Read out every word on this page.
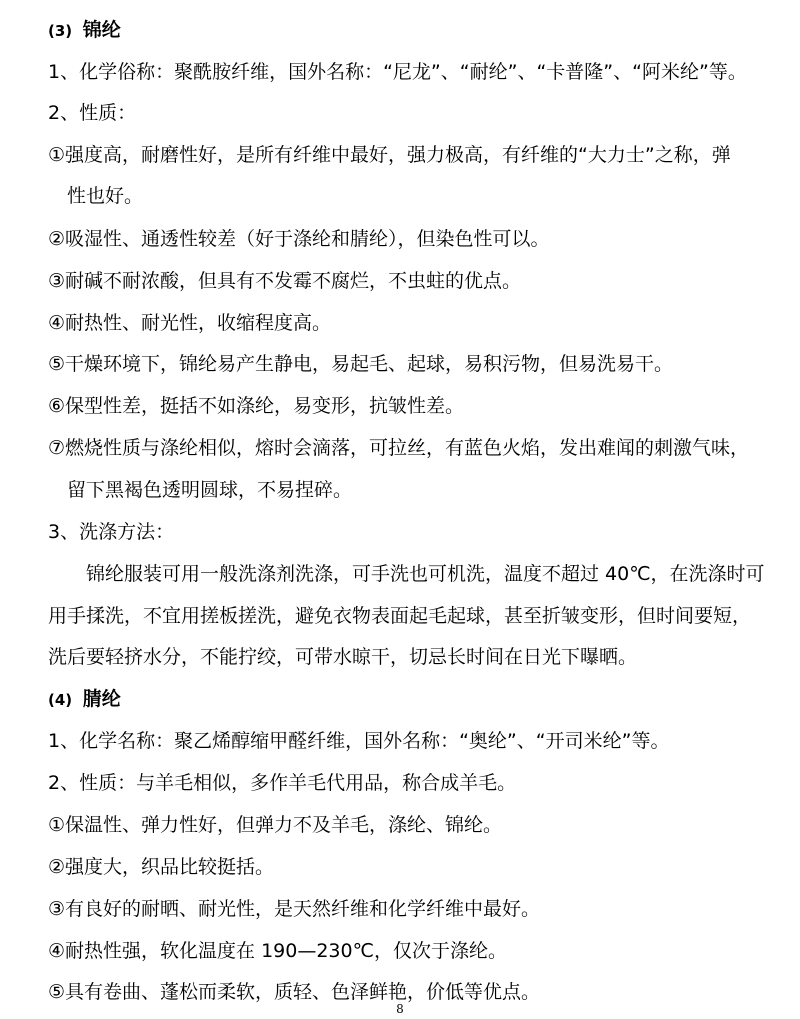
(3) 锦纶
1、化学俗称：聚酰胺纤维，国外名称：“尼龙”、“耐纶”、“卡普隆”、“阿米纶”等。
2、性质：
①强度高，耐磨性好，是所有纤维中最好，强力极高，有纤维的“大力士”之称，弹
性也好。
②吸湿性、通透性较差（好于涤纶和腈纶），但染色性可以。
③耐碱不耐浓酸，但具有不发霉不腐烂，不虫蛀的优点。
④耐热性、耐光性，收缩程度高。
⑤干燥环境下，锦纶易产生静电，易起毛、起球，易积污物，但易洗易干。
⑥保型性差，挺括不如涤纶，易变形，抗皱性差。
⑦燃烧性质与涤纶相似，熔时会滴落，可拉丝，有蓝色火焰，发出难闻的刺激气味，
留下黑褐色透明圆球，不易捏碎。
3、洗涤方法：
锦纶服装可用一般洗涤剂洗涤，可手洗也可机洗，温度不超过 40℃，在洗涤时可
用手揉洗，不宜用搓板搓洗，避免衣物表面起毛起球，甚至折皱变形，但时间要短，
洗后要轻挤水分，不能拧绞，可带水晾干，切忌长时间在日光下曝晒。
(4) 腈纶
1、化学名称：聚乙烯醇缩甲醛纤维，国外名称：“奥纶”、“开司米纶”等。
2、性质：与羊毛相似，多作羊毛代用品，称合成羊毛。
①保温性、弹力性好，但弹力不及羊毛，涤纶、锦纶。
②强度大，织品比较挺括。
③有良好的耐晒、耐光性，是天然纤维和化学纤维中最好。
④耐热性强，软化温度在 190—230℃，仅次于涤纶。
⑤具有卷曲、蓬松而柔软，质轻、色泽鲜艳，价低等优点。
8
